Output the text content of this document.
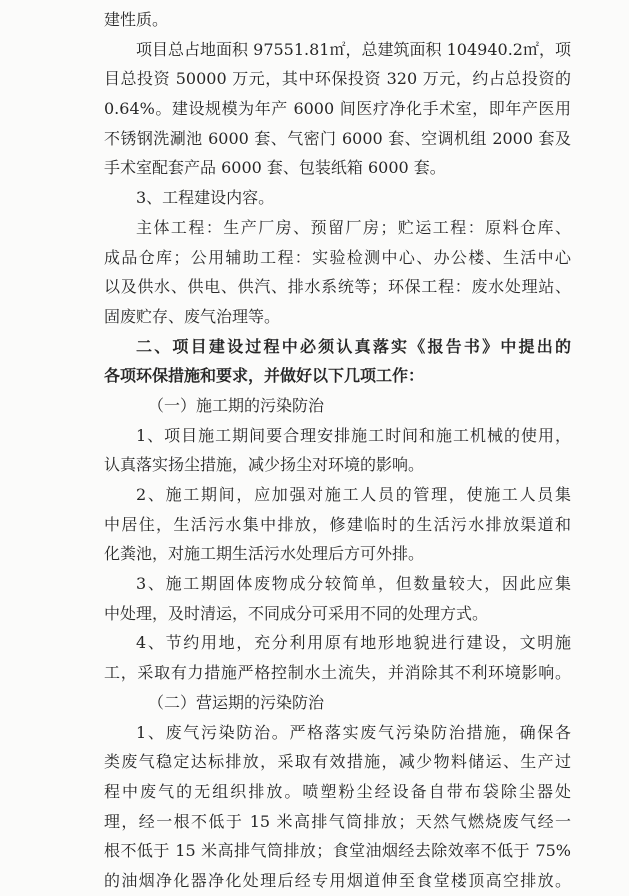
建性质。
项目总占地面积 97551.81㎡，总建筑面积 104940.2㎡，项
目总投资 50000 万元，其中环保投资 320 万元，约占总投资的
0.64%。建设规模为年产 6000 间医疗净化手术室，即年产医用
不锈钢洗涮池 6000 套、气密门 6000 套、空调机组 2000 套及
手术室配套产品 6000 套、包装纸箱 6000 套。
3、工程建设内容。
主体工程：生产厂房、预留厂房；贮运工程：原料仓库、
成品仓库；公用辅助工程：实验检测中心、办公楼、生活中心
以及供水、供电、供汽、排水系统等；环保工程：废水处理站、
固废贮存、废气治理等。
二、项目建设过程中必须认真落实《报告书》中提出的
各项环保措施和要求，并做好以下几项工作：
（一）施工期的污染防治
1、项目施工期间要合理安排施工时间和施工机械的使用，
认真落实扬尘措施，减少扬尘对环境的影响。
2、施工期间，应加强对施工人员的管理，使施工人员集
中居住，生活污水集中排放，修建临时的生活污水排放渠道和
化粪池，对施工期生活污水处理后方可外排。
3、施工期固体废物成分较简单，但数量较大，因此应集
中处理，及时清运，不同成分可采用不同的处理方式。
4、节约用地，充分利用原有地形地貌进行建设，文明施
工，采取有力措施严格控制水土流失，并消除其不利环境影响。
（二）营运期的污染防治
1、废气污染防治。严格落实废气污染防治措施，确保各
类废气稳定达标排放，采取有效措施，减少物料储运、生产过
程中废气的无组织排放。喷塑粉尘经设备自带布袋除尘器处
理，经一根不低于 15 米高排气筒排放；天然气燃烧废气经一
根不低于 15 米高排气筒排放；食堂油烟经去除效率不低于 75%
的油烟净化器净化处理后经专用烟道伸至食堂楼顶高空排放。
